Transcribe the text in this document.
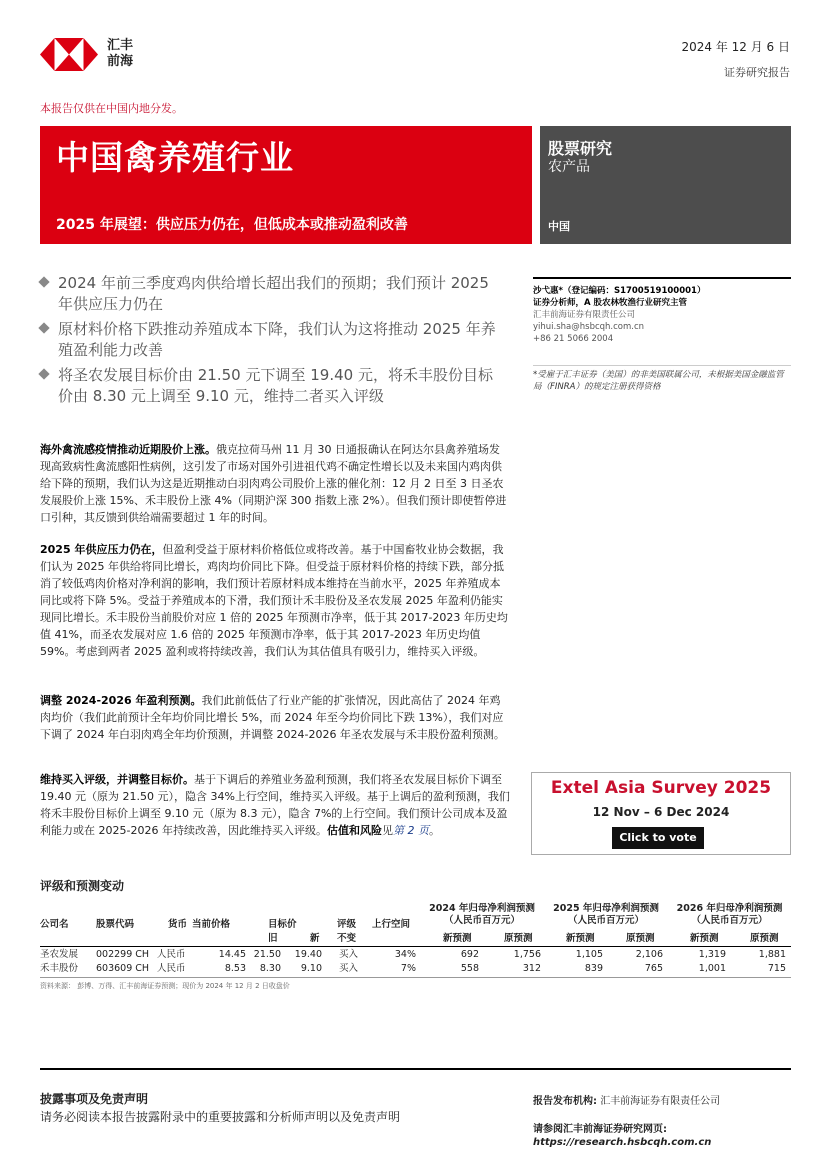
汇丰
前海
2024 年 12 月 6 日
证券研究报告
本报告仅供在中国内地分发。
中国禽养殖行业
2025 年展望：供应压力仍在，但低成本或推动盈利改善
股票研究
农产品
中国
2024 年前三季度鸡肉供给增长超出我们的预期；我们预计 2025 年供应压力仍在
原材料价格下跌推动养殖成本下降，我们认为这将推动 2025 年养殖盈利能力改善
将圣农发展目标价由 21.50 元下调至 19.40 元，将禾丰股份目标价由 8.30 元上调至 9.10 元，维持二者买入评级
沙弋惠*（登记编码：S1700519100001）
证券分析师，A 股农林牧渔行业研究主管
汇丰前海证券有限责任公司
yihui.sha@hsbcqh.com.cn
+86 21 5066 2004
*受雇于汇丰证券（美国）的非美国联属公司，未根据美国金融监管局（FINRA）的规定注册获得资格
海外禽流感疫情推动近期股价上涨。俄克拉荷马州 11 月 30 日通报确认在阿达尔县禽养殖场发现高致病性禽流感阳性病例，这引发了市场对国外引进祖代鸡不确定性增长以及未来国内鸡肉供给下降的预期，我们认为这是近期推动白羽肉鸡公司股价上涨的催化剂：12 月 2 日至 3 日圣农发展股价上涨 15%、禾丰股份上涨 4%（同期沪深 300 指数上涨 2%）。但我们预计即使暂停进口引种，其反馈到供给端需要超过 1 年的时间。
2025 年供应压力仍在，但盈利受益于原材料价格低位或将改善。基于中国畜牧业协会数据，我们认为 2025 年供给将同比增长，鸡肉均价同比下降。但受益于原材料价格的持续下跌，部分抵消了较低鸡肉价格对净利润的影响，我们预计若原材料成本维持在当前水平，2025 年养殖成本同比或将下降 5%。受益于养殖成本的下滑，我们预计禾丰股份及圣农发展 2025 年盈利仍能实现同比增长。禾丰股份当前股价对应 1 倍的 2025 年预测市净率，低于其 2017-2023 年历史均值 41%，而圣农发展对应 1.6 倍的 2025 年预测市净率，低于其 2017-2023 年历史均值 59%。考虑到两者 2025 盈利或将持续改善，我们认为其估值具有吸引力，维持买入评级。
调整 2024-2026 年盈利预测。我们此前低估了行业产能的扩张情况，因此高估了 2024 年鸡肉均价（我们此前预计全年均价同比增长 5%，而 2024 年至今均价同比下跌 13%），我们对应下调了 2024 年白羽肉鸡全年均价预测，并调整 2024-2026 年圣农发展与禾丰股份盈利预测。
维持买入评级，并调整目标价。基于下调后的养殖业务盈利预测，我们将圣农发展目标价下调至 19.40 元（原为 21.50 元），隐含 34%上行空间，维持买入评级。基于上调后的盈利预测，我们将禾丰股份目标价上调至 9.10 元（原为 8.3 元），隐含 7%的上行空间。我们预计公司成本及盈利能力或在 2025-2026 年持续改善，因此维持买入评级。估值和风险见第 2 页。
Extel Asia Survey 2025
12 Nov – 6 Dec 2024
Click to vote
评级和预测变动
2024 年归母净利润预测
（人民币百万元）
2025 年归母净利润预测
（人民币百万元）
2026 年归母净利润预测
（人民币百万元）
公司名	股票代码	货币 当前价格	目标价
旧	新
评级
不变
上行空间
新预测	原预测	新预测	原预测	新预测	原预测
圣农发展 002299 CH 人民币	14.45 21.50	19.40 买入	34%	692	1,756	1,105	2,106	1,319	1,881
禾丰股份 603609 CH 人民币	8.53	8.30	9.10 买入	7%	558	312	839	765	1,001	715
资料来源： 彭博、万得、汇丰前海证券预测；现价为 2024 年 12 月 2 日收盘价
披露事项及免责声明
请务必阅读本报告披露附录中的重要披露和分析师声明以及免责声明
报告发布机构: 汇丰前海证券有限责任公司
请参阅汇丰前海证券研究网页:
https://research.hsbcqh.com.cn
